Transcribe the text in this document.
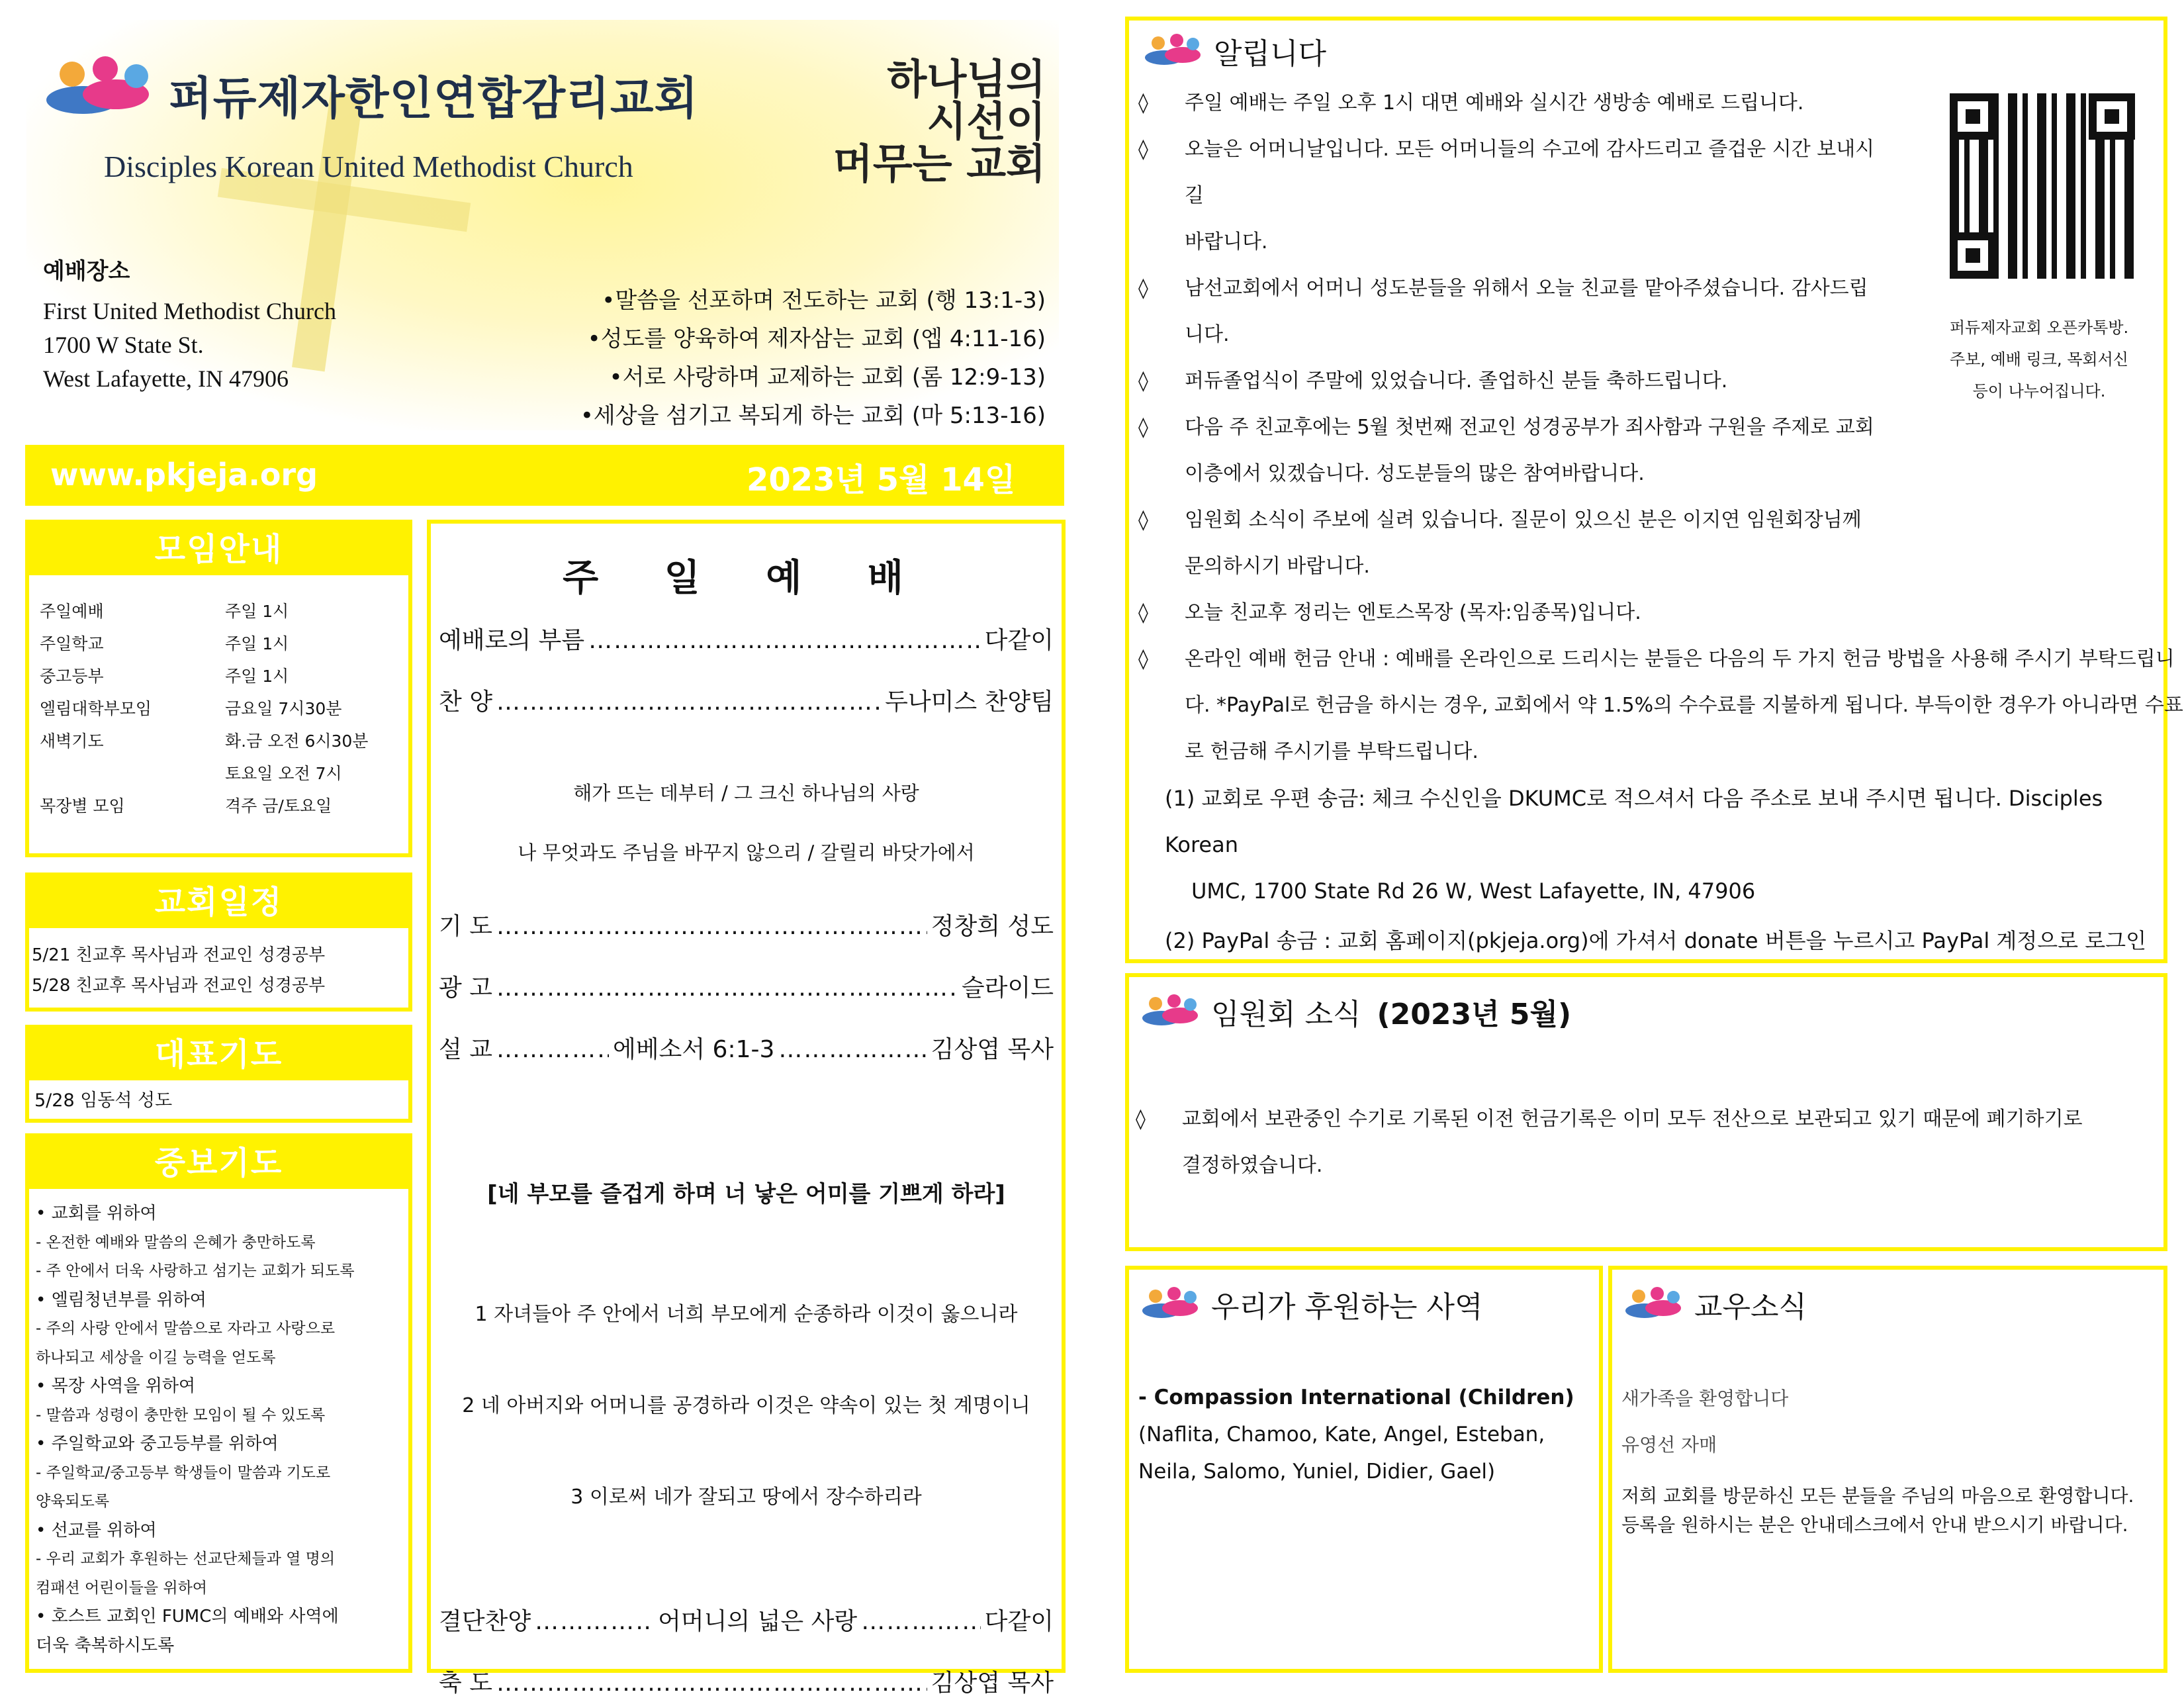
퍼듀제자한인연합감리교회
Disciples Korean United Methodist Church
하나님의
시선이
머무는 교회
예배장소
First United Methodist Church
1700 W State St.
West Lafayette, IN 47906
•말씀을 선포하며 전도하는 교회 (행 13:1-3)
•성도를 양육하여 제자삼는 교회 (엡 4:11-16)
•서로 사랑하며 교제하는 교회 (롬 12:9-13)
•세상을 섬기고 복되게 하는 교회 (마 5:13-16)
www.pkjeja.org	2023년 5월 14일
모임안내
주일예배	주일 1시
주일학교	주일 1시
중고등부	주일 1시
엘림대학부모임	금요일 7시30분
새벽기도	화.금 오전 6시30분
토요일 오전 7시
목장별 모임	격주 금/토요일
교회일정
5/21 친교후 목사님과 전교인 성경공부
5/28 친교후 목사님과 전교인 성경공부
대표기도
5/28 임동석 성도
중보기도
• 교회를 위하여
- 온전한 예배와 말씀의 은혜가 충만하도록
- 주 안에서 더욱 사랑하고 섬기는 교회가 되도록
• 엘림청년부를 위하여
- 주의 사랑 안에서 말씀으로 자라고 사랑으로
하나되고 세상을 이길 능력을 얻도록
• 목장 사역을 위하여
- 말씀과 성령이 충만한 모임이 될 수 있도록
• 주일학교와 중고등부를 위하여
- 주일학교/중고등부 학생들이 말씀과 기도로
양육되도록
• 선교를 위하여
- 우리 교회가 후원하는 선교단체들과 열 명의
컴패션 어린이들을 위하여
• 호스트 교회인 FUMC의 예배와 사역에
더욱 축복하시도록
주 일 예 배
예배로의 부름 ………………………………………………………………………………………………………………………………………………	다같이
찬 양 ………………………………………………………………………………………………………………………………………………	두나미스 찬양팀
해가 뜨는 데부터 / 그 크신 하나님의 사랑
나 무엇과도 주님을 바꾸지 않으리 / 갈릴리 바닷가에서
기 도 ………………………………………………………………………………………………………………………………………………	정창희 성도
광 고 ………………………………………………………………………………………………………………………………………………	슬라이드
설 교 ………………………………………………………………………………………………………………………………………………	에베소서 6:1-3 ………………………………………………………………………………………………………………………………………………	김상엽 목사
[네 부모를 즐겁게 하며 너 낳은 어미를 기쁘게 하라]
1 자녀들아 주 안에서 너희 부모에게 순종하라 이것이 옳으니라
2 네 아버지와 어머니를 공경하라 이것은 약속이 있는 첫 계명이니
3 이로써 네가 잘되고 땅에서 장수하리라
결단찬양 ………………………………………………………………………………………………………………………………………………	어머니의 넓은 사랑 ………………………………………………………………………………………………………………………………………………	다같이
축 도 ………………………………………………………………………………………………………………………………………………	김상엽 목사
알립니다
◊	주일 예배는 주일 오후 1시 대면 예배와 실시간 생방송 예배로 드립니다.
◊	오늘은 어머니날입니다. 모든 어머니들의 수고에 감사드리고 즐겁운 시간 보내시길
바랍니다.
◊	남선교회에서 어머니 성도분들을 위해서 오늘 친교를 맡아주셨습니다. 감사드립니다.
◊	퍼듀졸업식이 주말에 있었습니다. 졸업하신 분들 축하드립니다.
◊	다음 주 친교후에는 5월 첫번째 전교인 성경공부가 죄사함과 구원을 주제로 교회
이층에서 있겠습니다. 성도분들의 많은 참여바랍니다.
◊	임원회 소식이 주보에 실려 있습니다. 질문이 있으신 분은 이지연 임원회장님께
문의하시기 바랍니다.
◊	오늘 친교후 정리는 엔토스목장 (목자:임종목)입니다.
◊	온라인 예배 헌금 안내 : 예배를 온라인으로 드리시는 분들은 다음의 두 가지 헌금 방법을 사용해 주시기 부탁드립니
다. *PayPal로 헌금을 하시는 경우, 교회에서 약 1.5%의 수수료를 지불하게 됩니다. 부득이한 경우가 아니라면 수표
로 헌금해 주시기를 부탁드립니다.
(1) 교회로 우편 송금: 체크 수신인을 DKUMC로 적으셔서 다음 주소로 보내 주시면 됩니다. Disciples Korean
UMC, 1700 State Rd 26 W, West Lafayette, IN, 47906
(2) PayPal 송금 : 교회 홈페이지(pkjeja.org)에 가셔서 donate 버튼을 누르시고 PayPal 계정으로 로그인
퍼듀제자교회 오픈카톡방.
주보, 예배 링크, 목회서신
등이 나누어집니다.
임원회 소식 (2023년 5월)
◊	교회에서 보관중인 수기로 기록된 이전 헌금기록은 이미 모두 전산으로 보관되고 있기 때문에 폐기하기로
결정하였습니다.
우리가 후원하는 사역
- Compassion International (Children)
(Naflita, Chamoo, Kate, Angel, Esteban,
Neila, Salomo, Yuniel, Didier, Gael)
교우소식
새가족을 환영합니다
유영선 자매
저희 교회를 방문하신 모든 분들을 주님의 마음으로 환영합니다.
등록을 원하시는 분은 안내데스크에서 안내 받으시기 바랍니다.
